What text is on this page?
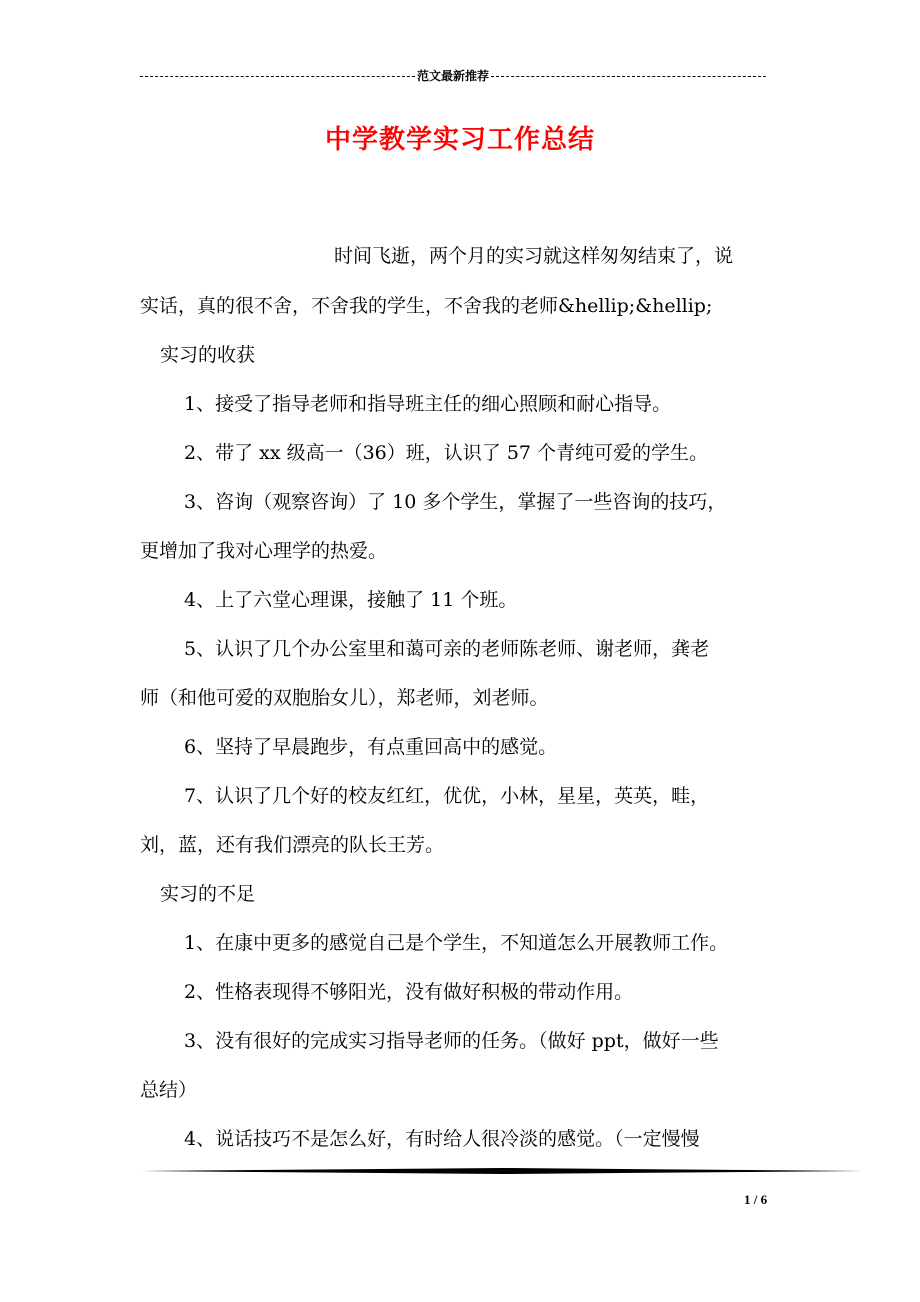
范文最新推荐
中学教学实习工作总结
时间飞逝，两个月的实习就这样匆匆结束了，说
实话，真的很不舍，不舍我的学生，不舍我的老师&hellip;&hellip;
实习的收获
1、接受了指导老师和指导班主任的细心照顾和耐心指导。
2、带了 xx 级高一（36）班，认识了 57 个青纯可爱的学生。
3、咨询（观察咨询）了 10 多个学生，掌握了一些咨询的技巧，
更增加了我对心理学的热爱。
4、上了六堂心理课，接触了 11 个班。
5、认识了几个办公室里和蔼可亲的老师陈老师、谢老师，龚老
师（和他可爱的双胞胎女儿），郑老师，刘老师。
6、坚持了早晨跑步，有点重回高中的感觉。
7、认识了几个好的校友红红，优优，小林，星星，英英，畦，
刘，蓝，还有我们漂亮的队长王芳。
实习的不足
1、在康中更多的感觉自己是个学生，不知道怎么开展教师工作。
2、性格表现得不够阳光，没有做好积极的带动作用。
3、没有很好的完成实习指导老师的任务。（做好 ppt，做好一些
总结）
4、说话技巧不是怎么好，有时给人很冷淡的感觉。（一定慢慢
1 / 6
